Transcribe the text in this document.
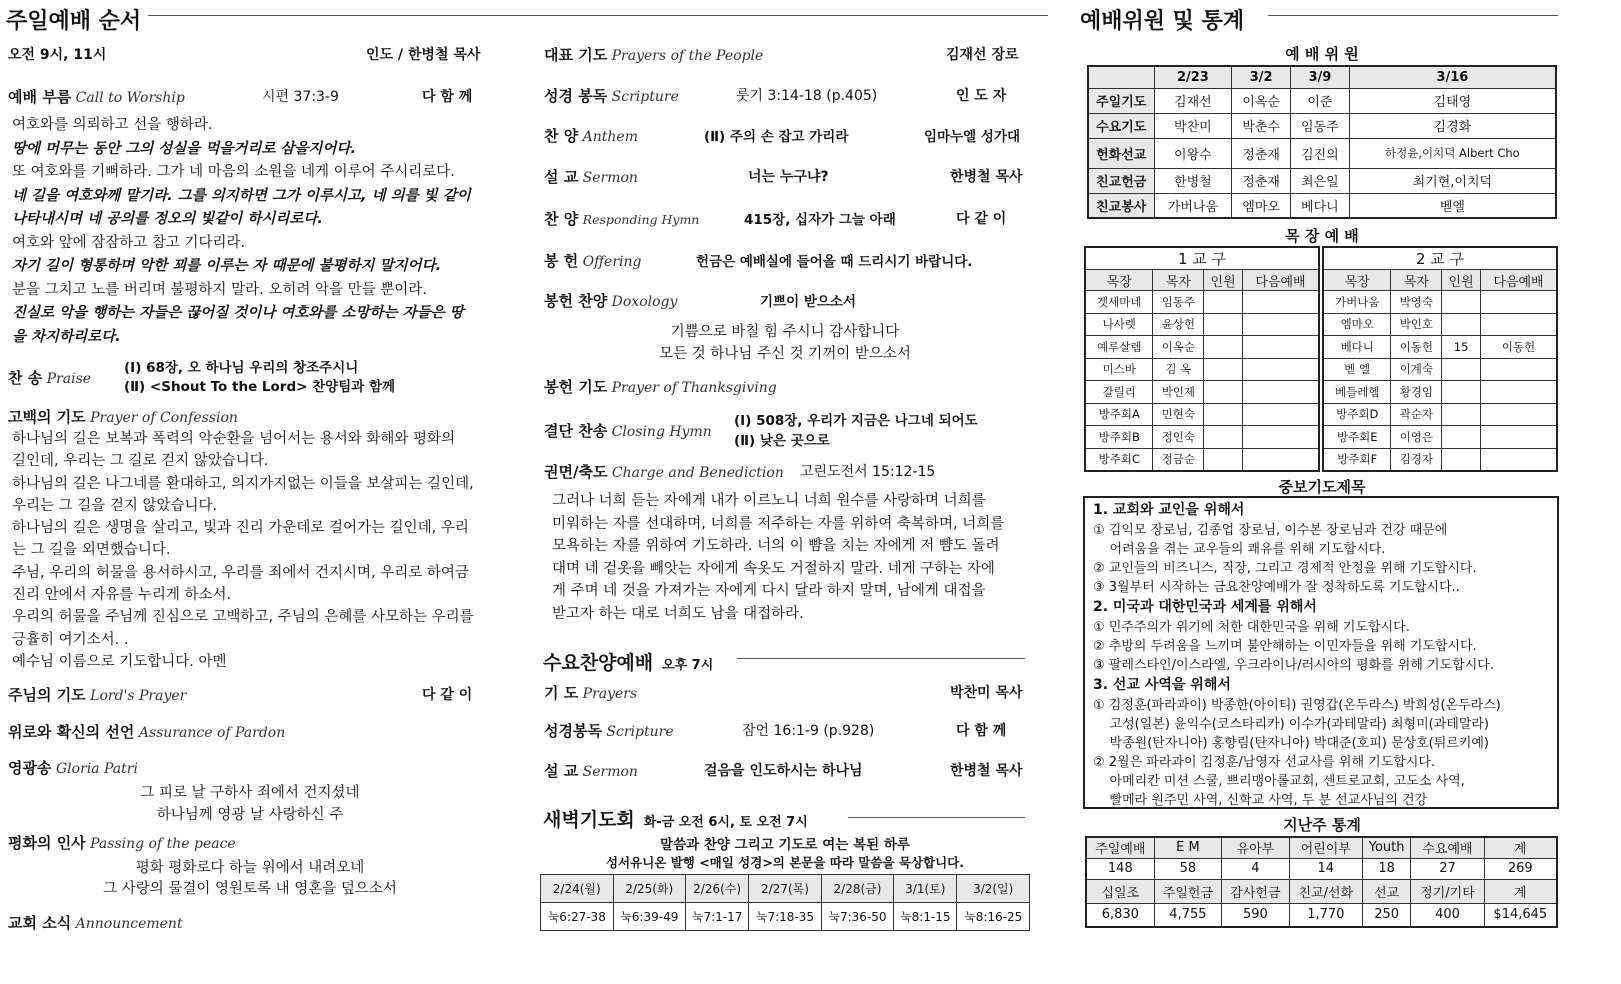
주일예배 순서
오전 9시, 11시	인도 / 한병철 목사
예배 부름
Call to Worship	시편 37:3-9	다 함 께
여호와를 의뢰하고 선을 행하라.
땅에 머무는 동안 그의 성실을 먹을거리로 삼을지어다.
또 여호와를 기뻐하라. 그가 네 마음의 소원을 네게 이루어 주시리로다.
네 길을 여호와께 맡기라. 그를 의지하면 그가 이루시고, 네 의를 빛 같이
나타내시며 네 공의를 정오의 빛같이 하시리로다.
여호와 앞에 잠잠하고 참고 기다리라.
자기 길이 형통하며 악한 꾀를 이루는 자 때문에 불평하지 말지어다.
분을 그치고 노를 버리며 불평하지 말라. 오히려 악을 만들 뿐이라.
진실로 악을 행하는 자들은 끊어질 것이나 여호와를 소망하는 자들은 땅
을 차지하리로다.
찬 송
Praise
(Ⅰ) 68장, 오 하나님 우리의 창조주시니
(Ⅱ) <Shout To the Lord> 찬양팀과 함께
고백의 기도
Prayer of Confession
하나님의 길은 보복과 폭력의 악순환을 넘어서는 용서와 화해와 평화의
길인데, 우리는 그 길로 걷지 않았습니다.
하나님의 길은 나그네를 환대하고, 의지가지없는 이들을 보살피는 길인데,
우리는 그 길을 걷지 않았습니다.
하나님의 길은 생명을 살리고, 빛과 진리 가운데로 걸어가는 길인데, 우리
는 그 길을 외면했습니다.
주님, 우리의 허물을 용서하시고, 우리를 죄에서 건지시며, 우리로 하여금
진리 안에서 자유를 누리게 하소서.
우리의 허물을 주님께 진심으로 고백하고, 주님의 은혜를 사모하는 우리를
긍휼히 여기소서. .
예수님 이름으로 기도합니다. 아멘
주님의 기도
Lord's Prayer	다 같 이
위로와 확신의 선언
Assurance of Pardon
영광송
Gloria Patri
그 피로 날 구하사 죄에서 건지셨네
하나님께 영광 날 사랑하신 주
평화의 인사
Passing of the peace
평화 평화로다 하늘 위에서 내려오네
그 사랑의 물결이 영원토록 내 영혼을 덮으소서
교회 소식
Announcement
대표 기도
Prayers of the People	김재선 장로
성경 봉독
Scripture	룻기 3:14-18 (p.405)	인 도 자
찬 양
Anthem	(Ⅱ) 주의 손 잡고 가리라	임마누엘 성가대
설 교
Sermon	너는 누구냐?	한병철 목사
찬 양
Responding Hymn	415장, 십자가 그늘 아래	다 같 이
봉 헌
Offering	헌금은 예배실에 들어올 때 드리시기 바랍니다.
봉헌 찬양
Doxology	기쁘이 받으소서
기쁨으로 바칠 힘 주시니 감사합니다
모든 것 하나님 주신 것 기꺼이 받으소서
봉헌 기도
Prayer of Thanksgiving
결단 찬송
Closing Hymn
(Ⅰ) 508장, 우리가 지금은 나그네 되어도
(Ⅱ) 낮은 곳으로
권면/축도
Charge and Benediction 고린도전서 15:12-15
그러나 너희 듣는 자에게 내가 이르노니 너희 원수를 사랑하며 너희를
미워하는 자를 선대하며, 너희를 저주하는 자를 위하여 축복하며, 너희를
모욕하는 자를 위하여 기도하라. 너의 이 뺨을 치는 자에게 저 뺨도 돌려
대며 네 겉옷을 빼앗는 자에게 속옷도 거절하지 말라. 네게 구하는 자에
게 주며 네 것을 가져가는 자에게 다시 달라 하지 말며, 남에게 대접을
받고자 하는 대로 너희도 남을 대접하라.
수요찬양예배
오후 7시
기 도
Prayers	박찬미 목사
성경봉독
Scripture	잠언 16:1-9 (p.928)	다 함 께
설 교
Sermon	걸음을 인도하시는 하나님	한병철 목사
새벽기도회
화-금 오전 6시, 토 오전 7시
말씀과 찬양 그리고 기도로 여는 복된 하루
성서유니온 발행 <매일 성경>의 본문을 따라 말씀을 묵상합니다.
2/24(월)	2/25(화)	2/26(수)	2/27(목)	2/28(금)	3/1(토)	3/2(일)
눅6:27-38	눅6:39-49	눅7:1-17	눅7:18-35	눅7:36-50	눅8:1-15	눅8:16-25
예배위원 및 통계
예 배 위 원
	2/23	3/2	3/9	3/16
주일기도	김재선	이옥순	이준	김태영
수요기도	박찬미	박춘수	임동주	김경화
헌화선교	이왕수	정춘재	김진의	하정윤,이치덕 Albert Cho
친교헌금	한병철	정춘재	최은일	최기현,이치덕
친교봉사	가버나움	엠마오	베다니	벧엘
목 장 예 배
1 교 구			
목장	목자	인원	다음예배
겟세마네	임동주		
나사렛	윤상헌		
예루살렘	이옥순		
미스바	김 옥		
갈릴리	박인제		
방주회A	민현숙		
방주회B	정인숙		
방주회C	정금순		
2 교 구			
목장	목자	인원	다음예배
가버나움	박영숙		
엠마오	박인호		
베다니	이동헌	15	이동헌
벧 엘	이계숙		
베들레헴	황경임		
방주회D	곽순자		
방주회E	이영은		
방주회F	김경자		
중보기도제목
1. 교회와 교인을 위해서
① 김익모 장로님, 김종업 장로님, 이수본 장로님과 건강 때문에
어려움을 겪는 교우들의 쾌유를 위해 기도합시다.
② 교인들의 비즈니스, 직장, 그리고 경제적 안정을 위해 기도합시다.
③ 3월부터 시작하는 금요찬양예배가 잘 정착하도록 기도합시다..
2. 미국과 대한민국과 세계를 위해서
① 민주주의가 위기에 처한 대한민국을 위해 기도합시다.
② 추방의 두려움을 느끼며 불안해하는 이민자들을 위해 기도합시다.
③ 팔레스타인/이스라엘, 우크라이나/러시아의 평화를 위해 기도합시다.
3. 선교 사역을 위해서
① 김정훈(파라과이) 박종한(아이티) 권영갑(온두라스) 박희성(온두라스)
고성(일본) 윤익수(코스타리카) 이수가(과테말라) 최형미(과테말라)
박종원(탄자니아) 홍향림(탄자니아) 박대준(호피) 문상호(튀르키예)
② 2월은 파라과이 김정훈/남영자 선교사를 위해 기도합시다.
아메리칸 미션 스쿨, 쁘리맹아롤교회, 센트로교회, 고도소 사역,
빨메라 원주민 사역, 신학교 사역, 두 분 선교사님의 건강
지난주 통계
주일예배	E M	유아부	어린이부	Youth	수요예배	계
148	58	4	14	18	27	269
십일조	주일헌금	감사헌금	친교/선화	선교	정기/기타	계
6,830	4,755	590	1,770	250	400	$14,645
